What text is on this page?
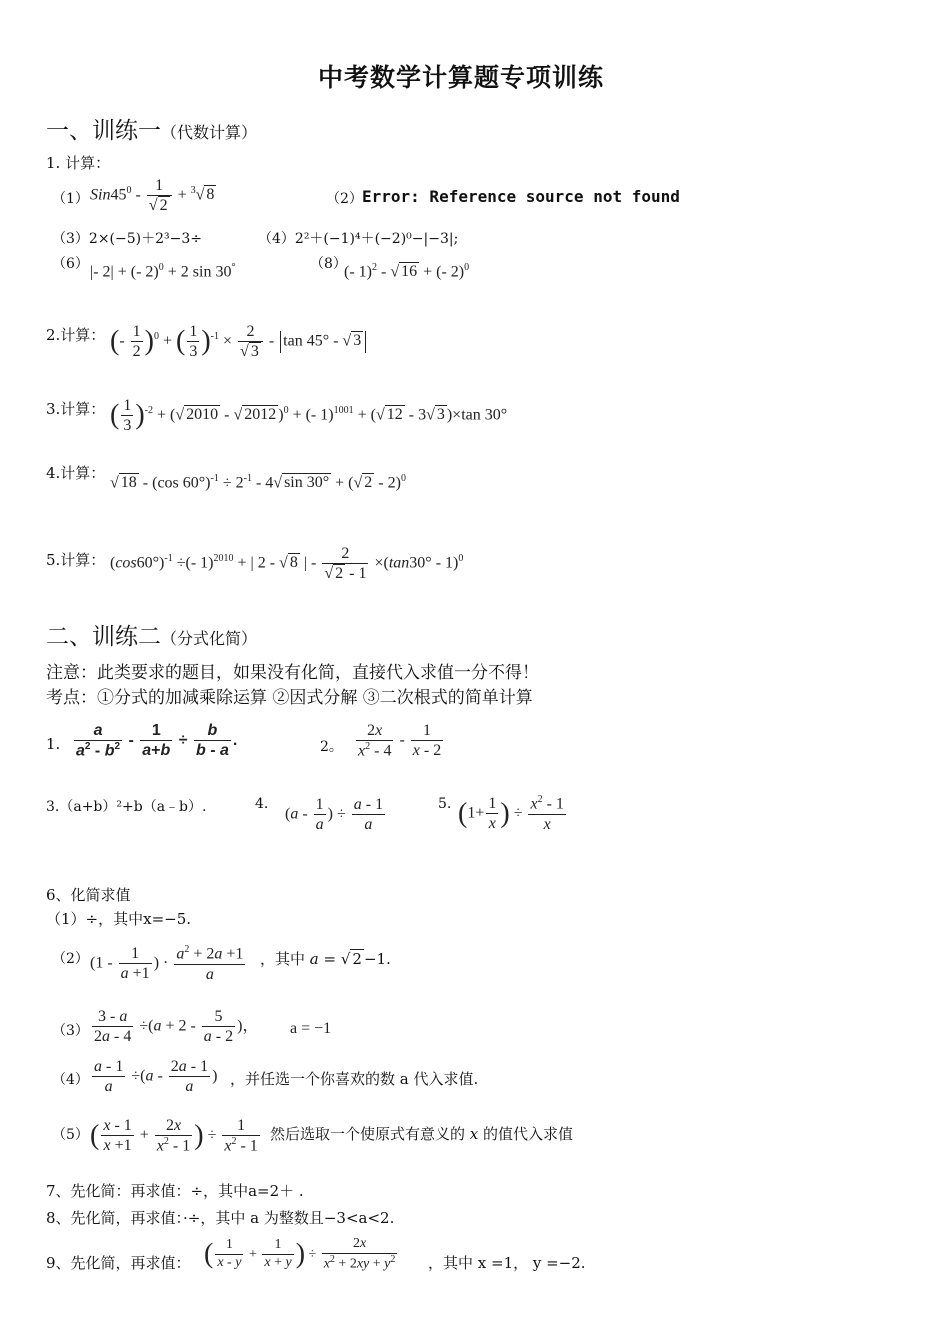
中考数学计算题专项训练
一、训练一（代数计算）
1. 计算：
（1） $Sin45^0 - \frac{1}{√ 2} + ^3√$ 8	（2） Error: Reference source not found
（3）2×(−5)＋2³−3÷	（4）2²＋(−1)⁴＋(−2)⁰−|−3|;
（6） |- 2| + (- 2)$^0$ + 2 sin 30°	（8）
(- 1)$^2$ - √ 16 + (- 2)$^0$
2.计算： (- $\frac{1}{2} )^0$ + ( $\frac{1}{3} )^{-1} \times \frac{2}{√ 3} - \tan 45^\circ$ - √ 3
3.计算： ( $\frac{1}{3} )^{-2}$ + (√ 2010 - √ 2012 )$^0$ + (- 1)$^{1001}$ + (√ 12 - 3√ 3 )×tan 30°
4.计算：
√ 18 - (cos $60^\circ)^{-1} \div 2^{-1} - 4√$ sin 30° + (√ 2 - 2)$^0$
5.计算： $(\cos 60^\circ)^{-1}$ ÷(- 1)$^{2010}$ + | 2 - √ 8 | - $\frac{2}{√ 2 - 1} \times(\tan 30^\circ - 1)^0$
二、训练二（分式化简）
注意：此类要求的题目，如果没有化简，直接代入求值一分不得！
考点：①分式的加减乘除运算 ②因式分解 ③二次根式的简单计算
1. $\frac{a}{a^2 - b^2} - \frac{1}{a+b} \div \frac{b}{b - a}$ .	2。 $\frac{2x}{x^2 - 4} - \frac{1}{x - 2}$
3.（a+b）²+b（a﹣b）.	4.
($a - \frac{1}{a}$ ) ÷ $\frac{a - 1}{a}$	5. ($1+ \frac{1}{x}$ ) ÷ $\frac{x^2 - 1}{x}$
6、化简求值
（1）÷，其中x=−5.
（2） ($1 - \frac{1}{a +1}$ ) · $\frac{a^2 + 2a +1}{a}$ ，其中 a = √ 2 −1.
$(3) \frac{3 - a}{2a - 4} \div(a + 2 - \frac{5}{a - 2}$ )， a = −1
$(4) \frac{a - 1}{a} \div(a - \frac{2a - 1}{a}$ ) ，并任选一个你喜欢的数 a 代入求值.
（5） ( $\frac{x - 1}{x +1} + \frac{2x}{x^2 - 1}$ ) ÷ $\frac{1}{x^2 - 1}$ 然后选取一个使原式有意义的 x 的值代入求值
7、先化简：再求值：÷，其中a=2＋ .
8、先化简，再求值：·÷，其中 a 为整数且−3<a<2.
9、先化简，再求值： ( $\frac{1}{x - y} + \frac{1}{x + y}$ ) ÷ $\frac{2x}{x^2 + 2xy + y^2}$ ，其中 x =1， y =−2.
